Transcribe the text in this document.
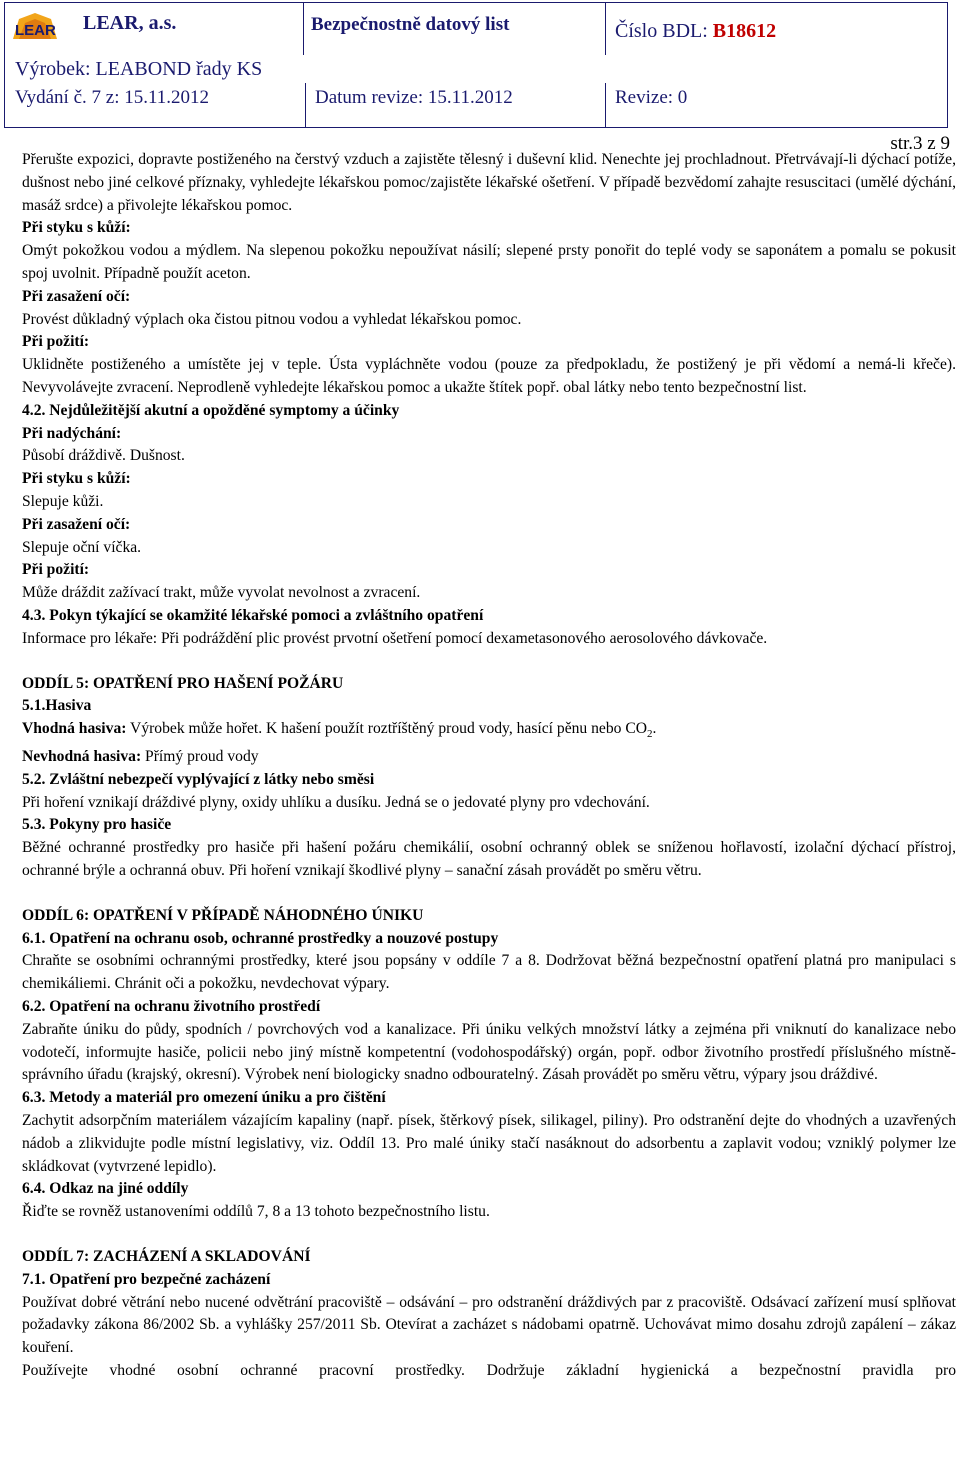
LEAR LEAR, a.s.	Bezpečnostně datový list	Číslo BDL: B18612
Výrobek: LEABOND řady KS
Vydání č. 7 z: 15.11.2012	Datum revize: 15.11.2012	Revize: 0
str.3 z 9

Přerušte expozici, dopravte postiženého na čerstvý vzduch a zajistěte tělesný i duševní klid. Nenechte jej prochladnout. Přetrvávají-li dýchací potíže, dušnost nebo jiné celkové příznaky, vyhledejte lékařskou pomoc/zajistěte lékařské ošetření. V případě bezvědomí zahajte resuscitaci (umělé dýchání, masáž srdce) a přivolejte lékařskou pomoc.

Při styku s kůží:

Omýt pokožkou vodou a mýdlem. Na slepenou pokožku nepoužívat násilí; slepené prsty ponořit do teplé vody se saponátem a pomalu se pokusit spoj uvolnit. Případně použít aceton.

Při zasažení očí:

Provést důkladný výplach oka čistou pitnou vodou a vyhledat lékařskou pomoc.

Při požití:

Uklidněte postiženého a umístěte jej v teple. Ústa vypláchněte vodou (pouze za předpokladu, že postižený je při vědomí a nemá-li křeče). Nevyvolávejte zvracení. Neprodleně vyhledejte lékařskou pomoc a ukažte štítek popř. obal látky nebo tento bezpečnostní list.

4.2. Nejdůležitější akutní a opožděné symptomy a účinky

Při nadýchání:

Působí dráždivě. Dušnost.

Při styku s kůží:

Slepuje kůži.

Při zasažení očí:

Slepuje oční víčka.

Při požití:

Může dráždit zažívací trakt, může vyvolat nevolnost a zvracení.

4.3. Pokyn týkající se okamžité lékařské pomoci a zvláštního opatření

Informace pro lékaře: Při podráždění plic provést prvotní ošetření pomocí dexametasonového aerosolového dávkovače.

ODDÍL 5: OPATŘENÍ PRO HAŠENÍ POŽÁRU

5.1.Hasiva

Vhodná hasiva: Výrobek může hořet. K hašení použít roztříštěný proud vody, hasící pěnu nebo $CO_2$.

Nevhodná hasiva: Přímý proud vody

5.2. Zvláštní nebezpečí vyplývající z látky nebo směsi

Při hoření vznikají dráždivé plyny, oxidy uhlíku a dusíku. Jedná se o jedovaté plyny pro vdechování.

5.3. Pokyny pro hasiče

Běžné ochranné prostředky pro hasiče při hašení požáru chemikálií, osobní ochranný oblek se sníženou hořlavostí, izolační dýchací přístroj, ochranné brýle a ochranná obuv. Při hoření vznikají škodlivé plyny – sanační zásah provádět po směru větru.

ODDÍL 6: OPATŘENÍ V PŘÍPADĚ NÁHODNÉHO ÚNIKU

6.1. Opatření na ochranu osob, ochranné prostředky a nouzové postupy

Chraňte se osobními ochrannými prostředky, které jsou popsány v oddíle 7 a 8. Dodržovat běžná bezpečnostní opatření platná pro manipulaci s chemikáliemi. Chránit oči a pokožku, nevdechovat výpary.

6.2. Opatření na ochranu životního prostředí

Zabraňte úniku do půdy, spodních / povrchových vod a kanalizace. Při úniku velkých množství látky a zejména při vniknutí do kanalizace nebo vodotečí, informujte hasiče, policii nebo jiný místně kompetentní (vodohospodářský) orgán, popř. odbor životního prostředí příslušného místně-správního úřadu (krajský, okresní). Výrobek není biologicky snadno odbouratelný. Zásah provádět po směru větru, výpary jsou dráždivé.

6.3. Metody a materiál pro omezení úniku a pro čištění

Zachytit adsorpčním materiálem vázajícím kapaliny (např. písek, štěrkový písek, silikagel, piliny). Pro odstranění dejte do vhodných a uzavřených nádob a zlikvidujte podle místní legislativy, viz. Oddíl 13. Pro malé úniky stačí nasáknout do adsorbentu a zaplavit vodou; vzniklý polymer lze skládkovat (vytvrzené lepidlo).

6.4. Odkaz na jiné oddíly

Řiďte se rovněž ustanoveními oddílů 7, 8 a 13 tohoto bezpečnostního listu.

ODDÍL 7: ZACHÁZENÍ A SKLADOVÁNÍ

7.1. Opatření pro bezpečné zacházení

Používat dobré větrání nebo nucené odvětrání pracoviště – odsávání – pro odstranění dráždivých par z pracoviště. Odsávací zařízení musí splňovat požadavky zákona 86/2002 Sb. a vyhlášky 257/2011 Sb. Otevírat a zacházet s nádobami opatrně. Uchovávat mimo dosahu zdrojů zapálení – zákaz kouření.

Používejte vhodné osobní ochranné pracovní prostředky. Dodržuje základní hygienická a bezpečnostní pravidla pro
